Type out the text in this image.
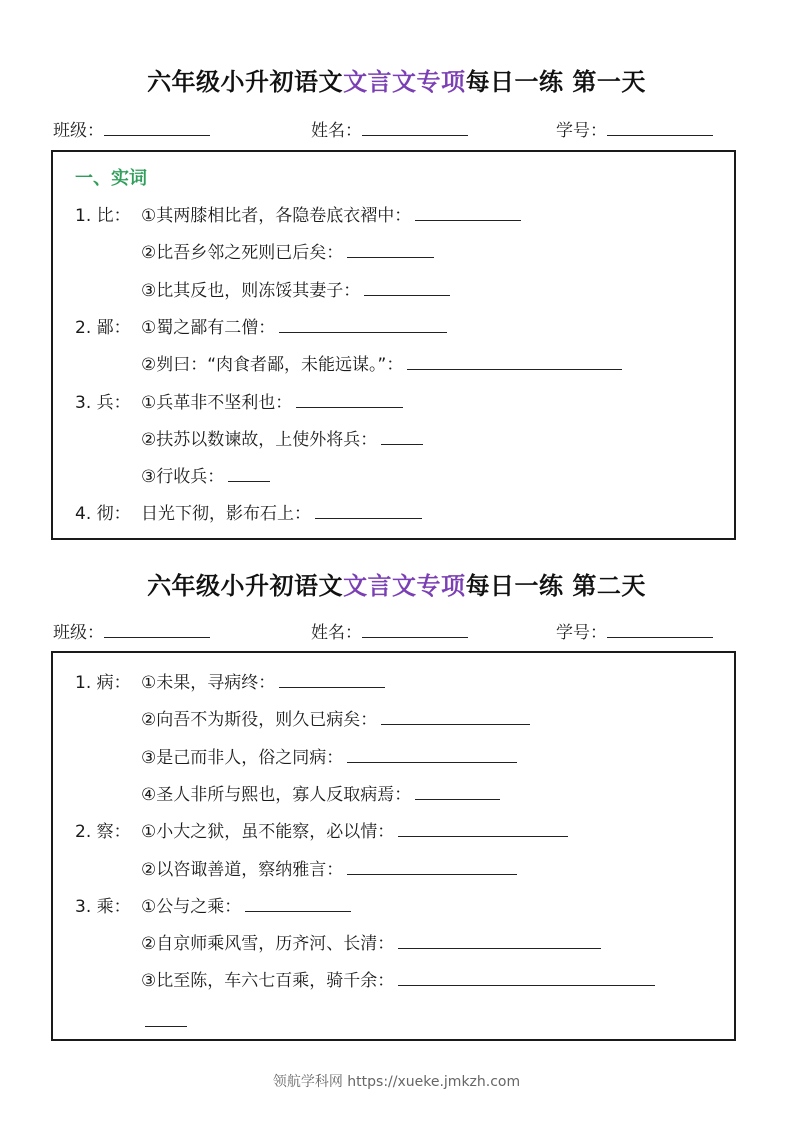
六年级小升初语文文言文专项每日一练 第一天
班级：	姓名：	学号：
一、实词
1. 比： ①其两膝相比者，各隐卷底衣褶中：
②比吾乡邻之死则已后矣：
③比其反也，则冻馁其妻子：
2. 鄙： ①蜀之鄙有二僧：
②刿曰：“肉食者鄙，未能远谋。”：
3. 兵： ①兵革非不坚利也：
②扶苏以数谏故，上使外将兵：
③行收兵：
4. 彻： 日光下彻，影布石上：
六年级小升初语文文言文专项每日一练 第二天
班级：	姓名：	学号：
1. 病： ①未果，寻病终：
②向吾不为斯役，则久已病矣：
③是己而非人，俗之同病：
④圣人非所与熙也，寡人反取病焉：
2. 察： ①小大之狱，虽不能察，必以情：
②以咨诹善道，察纳雅言：
3. 乘： ①公与之乘：
②自京师乘风雪，历齐河、长清：
③比至陈，车六七百乘，骑千余：
领航学科网 https://xueke.jmkzh.com
